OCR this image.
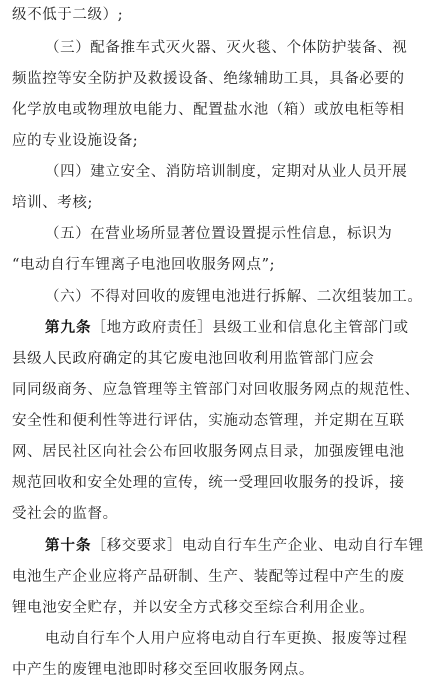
级不低于二级）;
（三）配备推车式灭火器、灭火毯、个体防护装备、视
频监控等安全防护及救援设备、绝缘辅助工具，具备必要的
化学放电或物理放电能力、配置盐水池（箱）或放电柜等相
应的专业设施设备;
（四）建立安全、消防培训制度，定期对从业人员开展
培训、考核;
（五）在营业场所显著位置设置提示性信息，标识为
“电动自行车锂离子电池回收服务网点”;
（六）不得对回收的废锂电池进行拆解、二次组装加工。
第九条［地方政府责任］县级工业和信息化主管部门或
县级人民政府确定的其它废电池回收利用监管部门应会
同同级商务、应急管理等主管部门对回收服务网点的规范性、
安全性和便利性等进行评估，实施动态管理，并定期在互联
网、居民社区向社会公布回收服务网点目录，加强废锂电池
规范回收和安全处理的宣传，统一受理回收服务的投诉，接
受社会的监督。
第十条［移交要求］电动自行车生产企业、电动自行车锂
电池生产企业应将产品研制、生产、装配等过程中产生的废
锂电池安全贮存，并以安全方式移交至综合利用企业。
电动自行车个人用户应将电动自行车更换、报废等过程
中产生的废锂电池即时移交至回收服务网点。
